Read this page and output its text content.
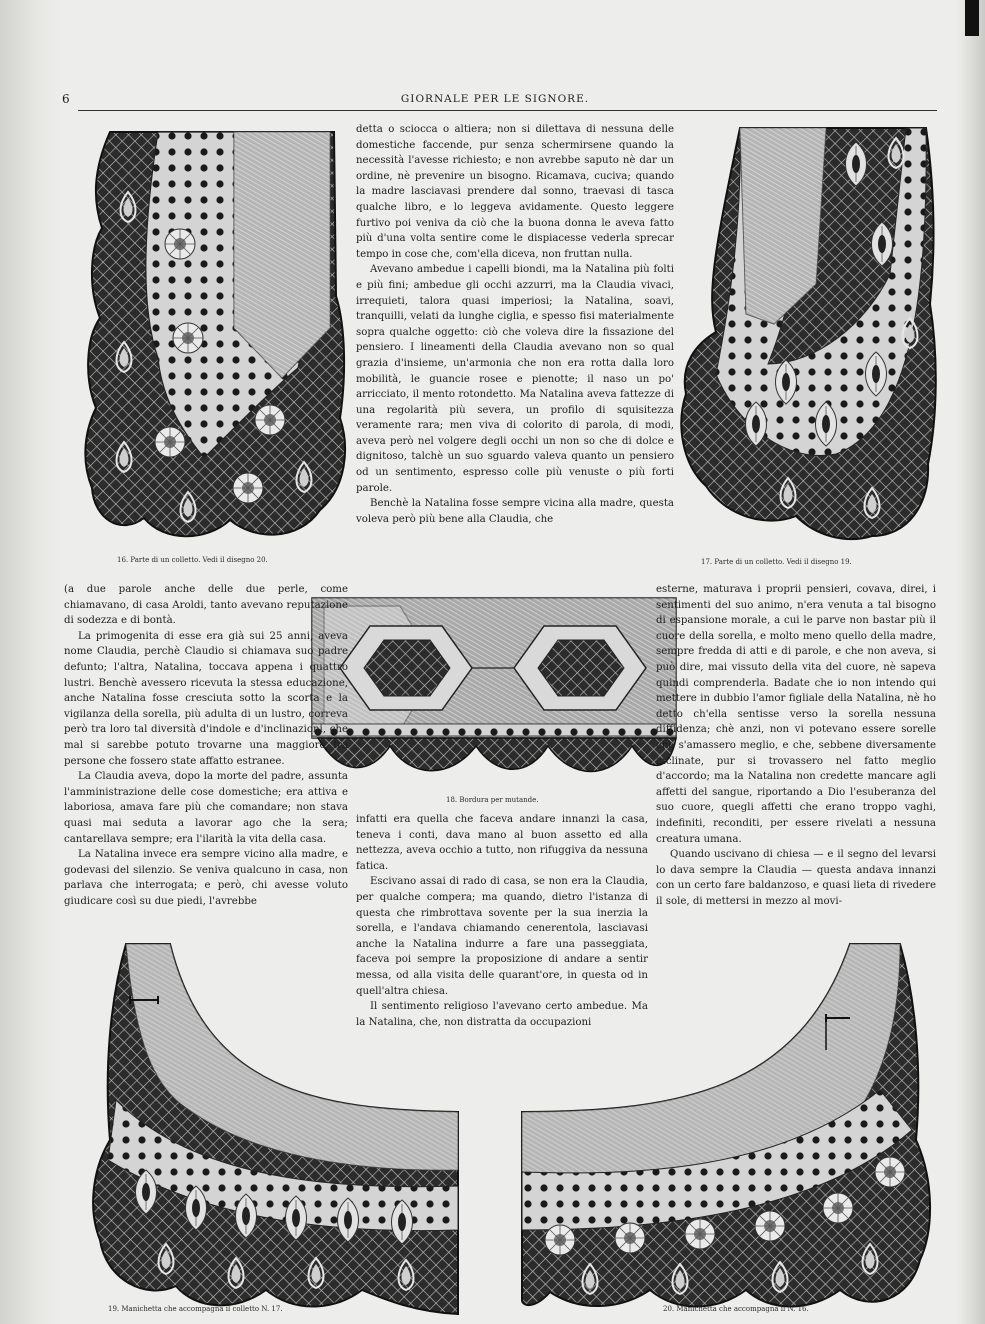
6	GIORNALE PER LE SIGNORE.
16. Parte di un colletto. Vedi il disegno 20.	17. Parte di un colletto. Vedi il disegno 19.
18. Bordura per mutande.
19. Manichetta che accompagna il colletto N. 17.	20. Manichetta che accompagna il N. 16.

detta o sciocca o altiera; non si dilettava di nessuna delle domestiche faccende, pur senza schermirsene quando la necessità l'avesse richiesto; e non avrebbe saputo nè dar un ordine, nè prevenire un bisogno. Ricamava, cuciva; quando la madre lasciavasi prendere dal sonno, traevasi di tasca qualche libro, e lo leggeva avidamente. Questo leggere furtivo poi veniva da ciò che la buona donna le aveva fatto più d'una volta sentire come le dispiacesse vederla sprecar tempo in cose che, com'ella diceva, non fruttan nulla.

Avevano ambedue i capelli biondi, ma la Natalina più folti e più fini; ambedue gli occhi azzurri, ma la Claudia vivaci, irrequieti, talora quasi imperiosi; la Natalina, soavi, tranquilli, velati da lunghe ciglia, e spesso fisi materialmente sopra qualche oggetto: ciò che voleva dire la fissazione del pensiero. I lineamenti della Claudia avevano non so qual grazia d'insieme, un'armonia che non era rotta dalla loro mobilità, le guancie rosee e pienotte; il naso un po' arricciato, il mento rotondetto. Ma Natalina aveva fattezze di una regolarità più severa, un profilo di squisitezza veramente rara; men viva di colorito di parola, di modi, aveva però nel volgere degli occhi un non so che di dolce e dignitoso, talchè un suo sguardo valeva quanto un pensiero od un sentimento, espresso colle più venuste o più forti parole.

Benchè la Natalina fosse sempre vicina alla madre, questa voleva però più bene alla Claudia, che

(a due parole anche delle due perle, come chiamavano, di casa Aroldi, tanto avevano reputazione di sodezza e di bontà.

La primogenita di esse era già sui 25 anni, aveva nome Claudia, perchè Claudio si chiamava suo padre defunto; l'altra, Natalina, toccava appena i quattro lustri. Benchè avessero ricevuta la stessa educazione, anche Natalina fosse cresciuta sotto la scorta e la vigilanza della sorella, più adulta di un lustro, correva però tra loro tal diversità d'indole e d'inclinazioni, che mal si sarebbe potuto trovarne una maggiore fra persone che fossero state affatto estranee.

La Claudia aveva, dopo la morte del padre, assunta l'amministrazione delle cose domestiche; era attiva e laboriosa, amava fare più che comandare; non stava quasi mai seduta a lavorar ago che la sera; cantarellava sempre; era l'ilarità la vita della casa.

La Natalina invece era sempre vicino alla madre, e godevasi del silenzio. Se veniva qualcuno in casa, non parlava che interrogata; e però, chi avesse voluto giudicare così su due piedi, l'avrebbe

infatti era quella che faceva andare innanzi la casa, teneva i conti, dava mano al buon assetto ed alla nettezza, aveva occhio a tutto, non rifuggiva da nessuna fatica.

Escivano assai di rado di casa, se non era la Claudia, per qualche compera; ma quando, dietro l'istanza di questa che rimbrottava sovente per la sua inerzia la sorella, e l'andava chiamando cenerentola, lasciavasi anche la Natalina indurre a fare una passeggiata, faceva poi sempre la proposizione di andare a sentir messa, od alla visita delle quarant'ore, in questa od in quell'altra chiesa.

Il sentimento religioso l'avevano certo ambedue. Ma la Natalina, che, non distratta da occupazioni

esterne, maturava i proprii pensieri, covava, direi, i sentimenti del suo animo, n'era venuta a tal bisogno di espansione morale, a cui le parve non bastar più il cuore della sorella, e molto meno quello della madre, sempre fredda di atti e di parole, e che non aveva, si può dire, mai vissuto della vita del cuore, nè sapeva quindi comprenderla. Badate che io non intendo qui mettere in dubbio l'amor figliale della Natalina, nè ho detto ch'ella sentisse verso la sorella nessuna diffidenza; chè anzi, non vi potevano essere sorelle che s'amassero meglio, e che, sebbene diversamente inclinate, pur si trovassero nel fatto meglio d'accordo; ma la Natalina non credette mancare agli affetti del sangue, riportando a Dio l'esuberanza del suo cuore, quegli affetti che erano troppo vaghi, indefiniti, reconditi, per essere rivelati a nessuna creatura umana.

Quando uscivano di chiesa — e il segno del levarsi lo dava sempre la Claudia — questa andava innanzi con un certo fare baldanzoso, e quasi lieta di rivedere il sole, di mettersi in mezzo al movi-
